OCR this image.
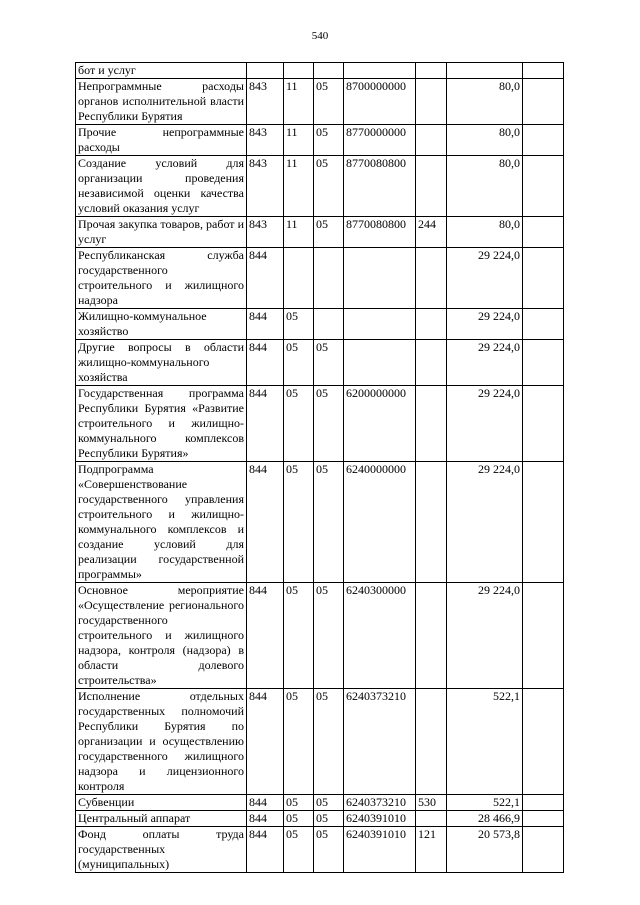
540
бот и услуг							
Непрограммные расходы органов исполнительной власти Республики Бурятия	843	11	05	8700000000		80,0	
Прочие непрограммные расходы	843	11	05	8770000000		80,0	
Создание условий для организации проведения независимой оценки качества условий оказания услуг	843	11	05	8770080800		80,0	
Прочая закупка товаров, работ и услуг	843	11	05	8770080800	244	80,0	
Республиканская служба государственного строительного и жилищного надзора	844					29 224,0	
Жилищно-коммунальное хозяйство	844	05				29 224,0	
Другие вопросы в области жилищно-коммунального хозяйства	844	05	05			29 224,0	
Государственная программа Республики Бурятия «Развитие строительного и жилищно-коммунального комплексов Республики Бурятия»	844	05	05	6200000000		29 224,0	
Подпрограмма «Совершенствование государственного управления строительного и жилищно-коммунального комплексов и создание условий для реализации государственной программы»	844	05	05	6240000000		29 224,0	
Основное мероприятие «Осуществление регионального государственного строительного и жилищного надзора, контроля (надзора) в области долевого строительства»	844	05	05	6240300000		29 224,0	
Исполнение отдельных государственных полномочий Республики Бурятия по организации и осуществлению государственного жилищного надзора и лицензионного контроля	844	05	05	6240373210		522,1	
Субвенции	844	05	05	6240373210	530	522,1	
Центральный аппарат	844	05	05	6240391010		28 466,9	
Фонд оплаты труда государственных (муниципальных)	844	05	05	6240391010	121	20 573,8	
